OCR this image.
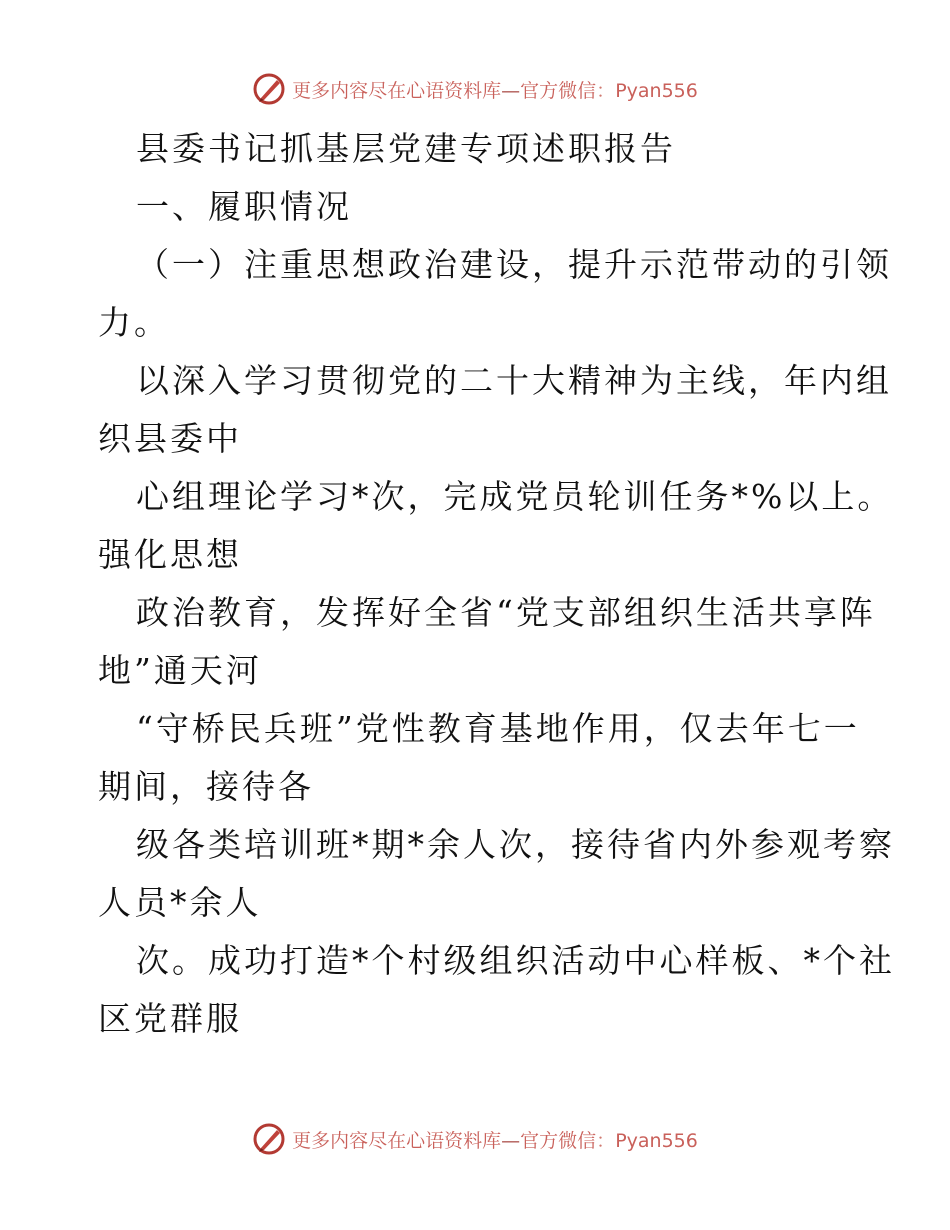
更多内容尽在心语资料库—官方微信：Pyan556
县委书记抓基层党建专项述职报告
一、履职情况
（一）注重思想政治建设，提升示范带动的引领
力。
以深入学习贯彻党的二十大精神为主线，年内组
织县委中
心组理论学习*次，完成党员轮训任务*%以上。
强化思想
政治教育，发挥好全省“党支部组织生活共享阵
地”通天河
“守桥民兵班”党性教育基地作用，仅去年七一
期间，接待各
级各类培训班*期*余人次，接待省内外参观考察
人员*余人
次。成功打造*个村级组织活动中心样板、*个社
区党群服
更多内容尽在心语资料库—官方微信：Pyan556
